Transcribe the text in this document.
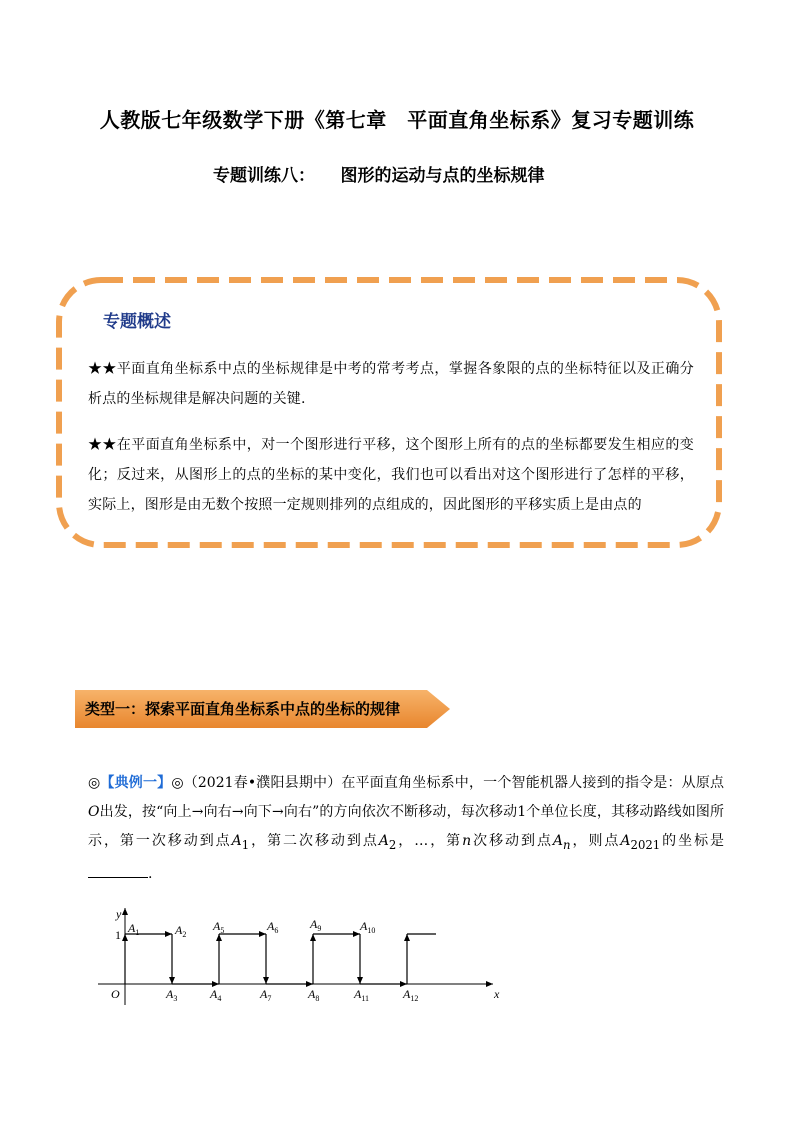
人教版七年级数学下册《第七章　平面直角坐标系》复习专题训练
专题训练八：　　图形的运动与点的坐标规律
专题概述
★★平面直角坐标系中点的坐标规律是中考的常考考点，掌握各象限的点的坐标特征以及正确分析点的坐标规律是解决问题的关键.
★★在平面直角坐标系中，对一个图形进行平移，这个图形上所有的点的坐标都要发生相应的变化；反过来，从图形上的点的坐标的某中变化，我们也可以看出对这个图形进行了怎样的平移，实际上，图形是由无数个按照一定规则排列的点组成的，因此图形的平移实质上是由点的
类型一：探索平面直角坐标系中点的坐标的规律
◎【典例一】◎（2021春•濮阳县期中）在平面直角坐标系中，一个智能机器人接到的指令是：从原点O出发，按“向上→向右→向下→向右”的方向依次不断移动，每次移动1个单位长度，其移动路线如图所示，第一次移动到点$A_1$，第二次移动到点$A_2$，…，第n次移动到点$A_n$，则点$A_{2021}$的坐标是　.
y
x
O
1 $A_1$	$A_2$
$A_3$	$A_4$
$A_5$	$A_6$
$A_7$	$A_8$
$A_9$	$A_{10}$
$A_{11}$	$A_{12}$
